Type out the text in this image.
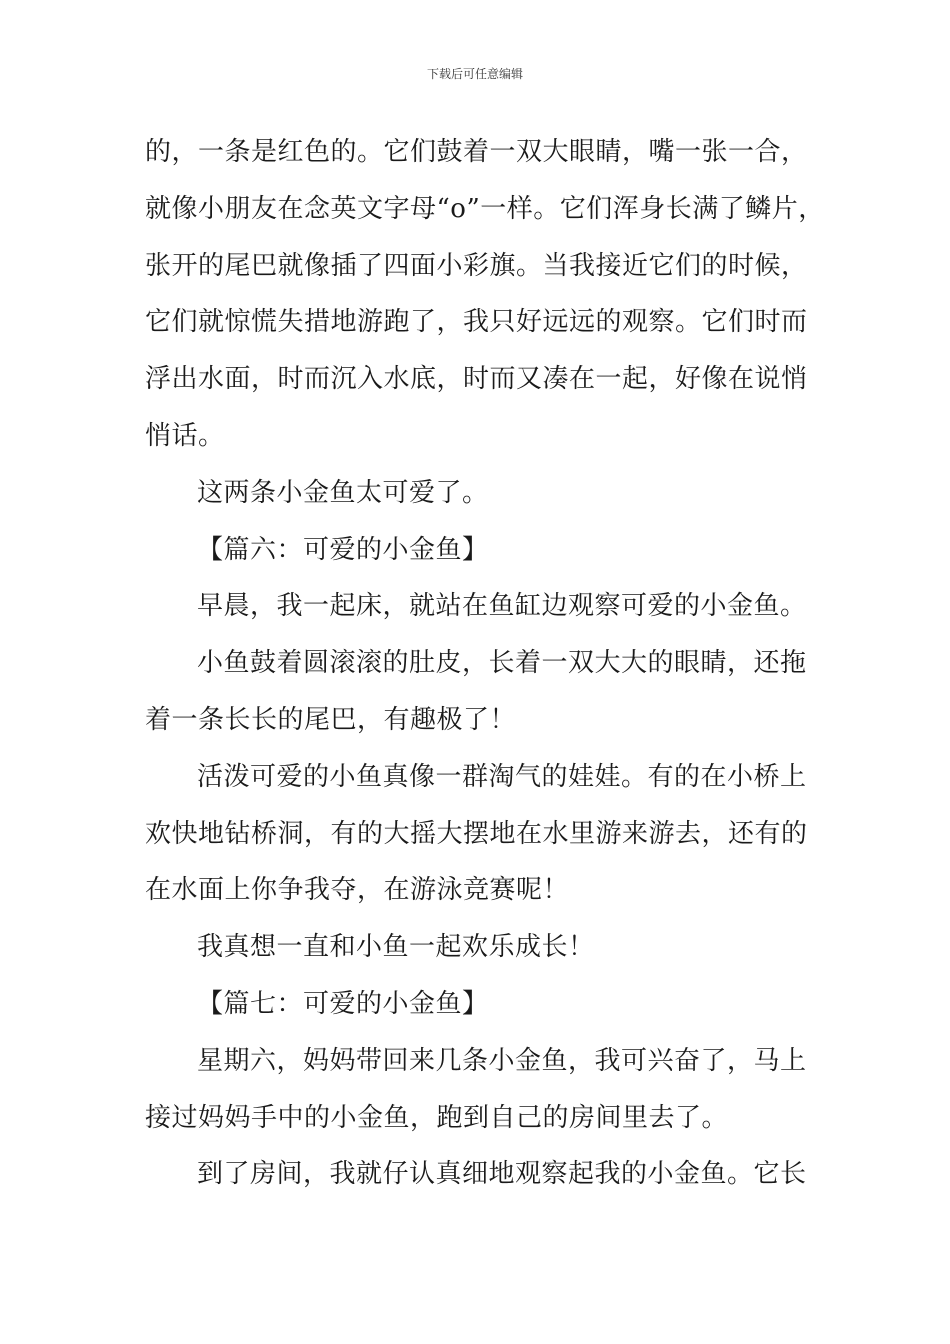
下载后可任意编辑
的，一条是红色的。它们鼓着一双大眼睛，嘴一张一合，
就像小朋友在念英文字母“o”一样。它们浑身长满了鳞片，
张开的尾巴就像插了四面小彩旗。当我接近它们的时候，
它们就惊慌失措地游跑了，我只好远远的观察。它们时而
浮出水面，时而沉入水底，时而又凑在一起，好像在说悄
悄话。
这两条小金鱼太可爱了。
【篇六：可爱的小金鱼】
早晨，我一起床，就站在鱼缸边观察可爱的小金鱼。
小鱼鼓着圆滚滚的肚皮，长着一双大大的眼睛，还拖
着一条长长的尾巴，有趣极了！
活泼可爱的小鱼真像一群淘气的娃娃。有的在小桥上
欢快地钻桥洞，有的大摇大摆地在水里游来游去，还有的
在水面上你争我夺，在游泳竞赛呢！
我真想一直和小鱼一起欢乐成长！
【篇七：可爱的小金鱼】
星期六，妈妈带回来几条小金鱼，我可兴奋了，马上
接过妈妈手中的小金鱼，跑到自己的房间里去了。
到了房间，我就仔认真细地观察起我的小金鱼。它长
